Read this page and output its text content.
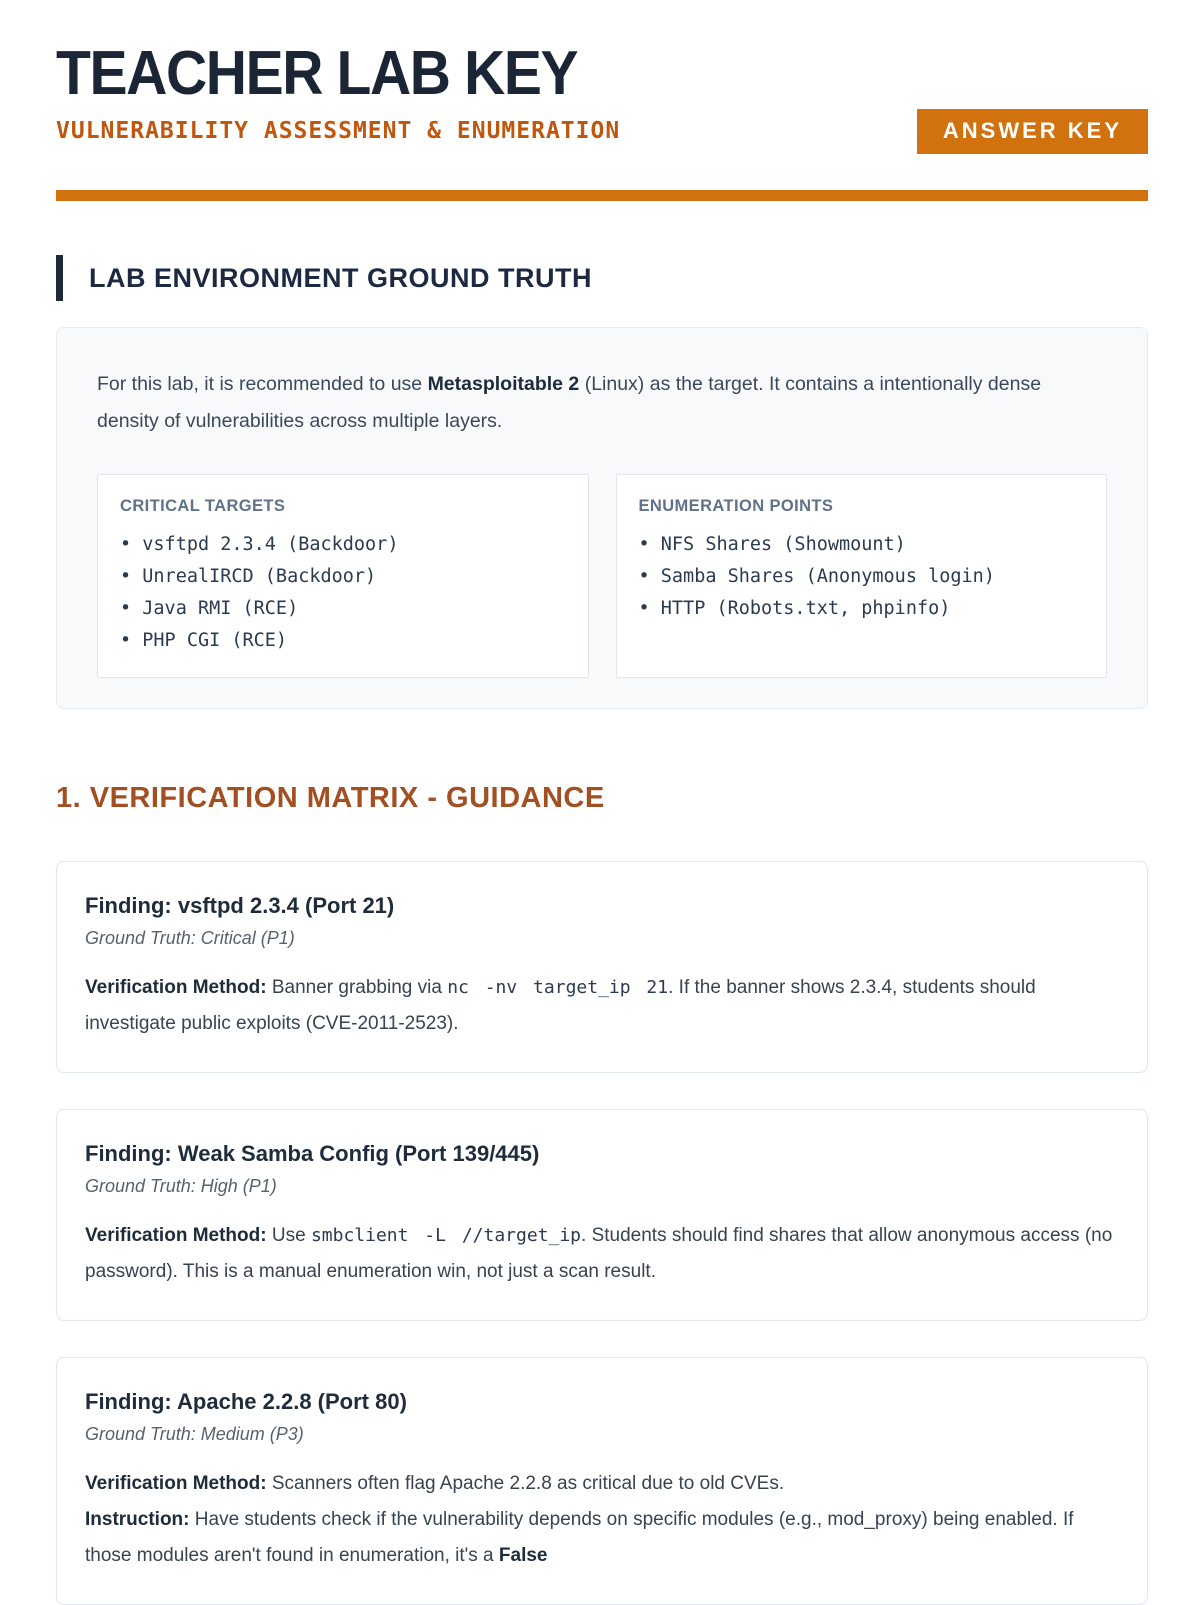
TEACHER LAB KEY
VULNERABILITY ASSESSMENT & ENUMERATION	ANSWER KEY
LAB ENVIRONMENT GROUND TRUTH

For this lab, it is recommended to use Metasploitable 2 (Linux) as the target. It contains a intentionally dense density of vulnerabilities across multiple layers.

CRITICAL TARGETS
• vsftpd 2.3.4 (Backdoor)
• UnrealIRCD (Backdoor)
• Java RMI (RCE)
• PHP CGI (RCE)
ENUMERATION POINTS
• NFS Shares (Showmount)
• Samba Shares (Anonymous login)
• HTTP (Robots.txt, phpinfo)
1. VERIFICATION MATRIX - GUIDANCE
Finding: vsftpd 2.3.4 (Port 21)

Ground Truth: Critical (P1)

Verification Method: Banner grabbing via nc -nv target_ip 21. If the banner shows 2.3.4, students should investigate public exploits (CVE-2011-2523).

Finding: Weak Samba Config (Port 139/445)

Ground Truth: High (P1)

Verification Method: Use smbclient -L //target_ip. Students should find shares that allow anonymous access (no password). This is a manual enumeration win, not just a scan result.

Finding: Apache 2.2.8 (Port 80)

Ground Truth: Medium (P3)

Verification Method: Scanners often flag Apache 2.2.8 as critical due to old CVEs.
Instruction: Have students check if the vulnerability depends on specific modules (e.g., mod_proxy) being enabled. If those modules aren't found in enumeration, it's a False
